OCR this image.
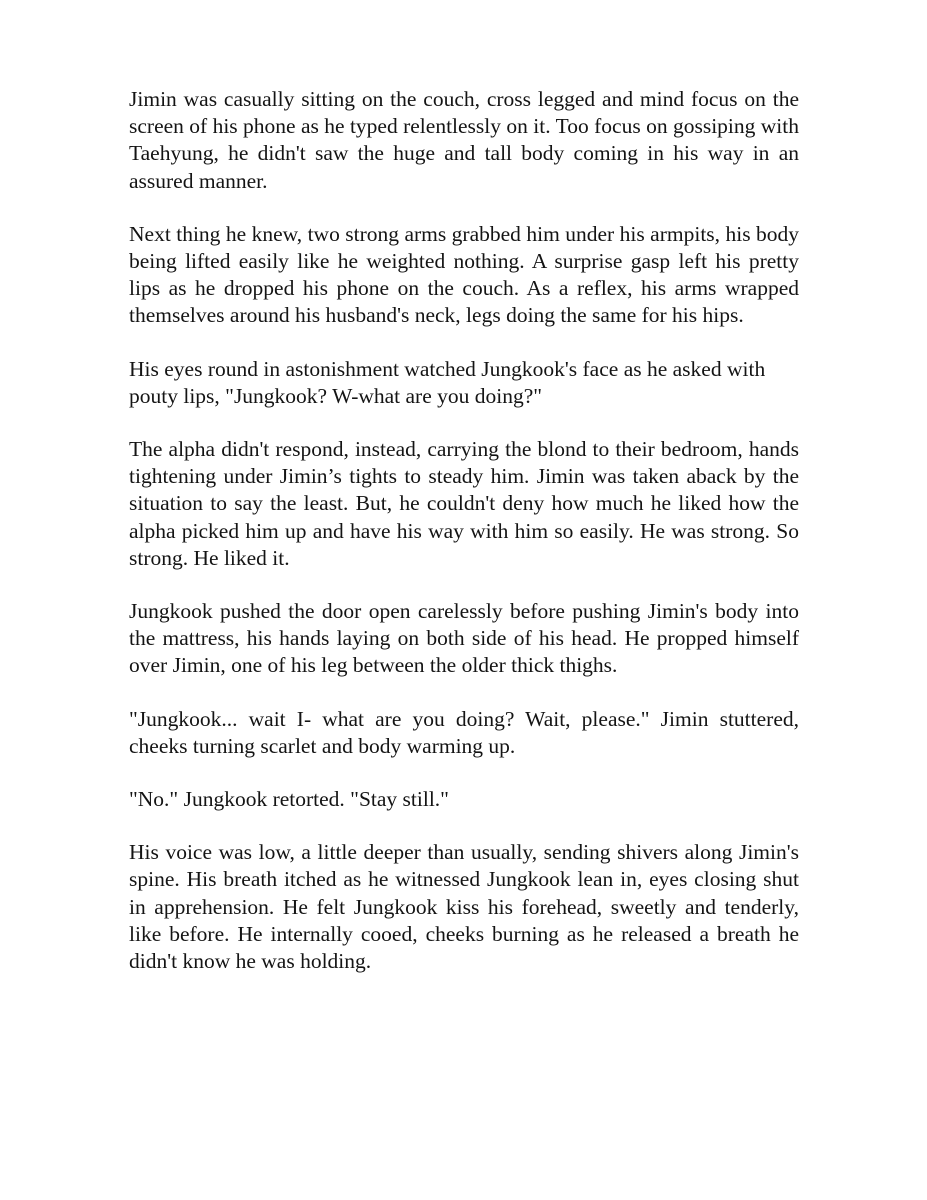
Jimin was casually sitting on the couch, cross legged and mind focus on the screen of his phone as he typed relentlessly on it. Too focus on gossiping with Taehyung, he didn't saw the huge and tall body coming in his way in an assured manner.

Next thing he knew, two strong arms grabbed him under his armpits, his body being lifted easily like he weighted nothing. A surprise gasp left his pretty lips as he dropped his phone on the couch. As a reflex, his arms wrapped themselves around his husband's neck, legs doing the same for his hips.

His eyes round in astonishment watched Jungkook's face as he asked with pouty lips, "Jungkook? W-what are you doing?"

The alpha didn't respond, instead, carrying the blond to their bedroom, hands tightening under Jimin’s tights to steady him. Jimin was taken aback by the situation to say the least. But, he couldn't deny how much he liked how the alpha picked him up and have his way with him so easily. He was strong. So strong. He liked it.

Jungkook pushed the door open carelessly before pushing Jimin's body into the mattress, his hands laying on both side of his head. He propped himself over Jimin, one of his leg between the older thick thighs.

"Jungkook... wait I- what are you doing? Wait, please." Jimin stuttered, cheeks turning scarlet and body warming up.

"No." Jungkook retorted. "Stay still."

His voice was low, a little deeper than usually, sending shivers along Jimin's spine. His breath itched as he witnessed Jungkook lean in, eyes closing shut in apprehension. He felt Jungkook kiss his forehead, sweetly and tenderly, like before. He internally cooed, cheeks burning as he released a breath he didn't know he was holding.
